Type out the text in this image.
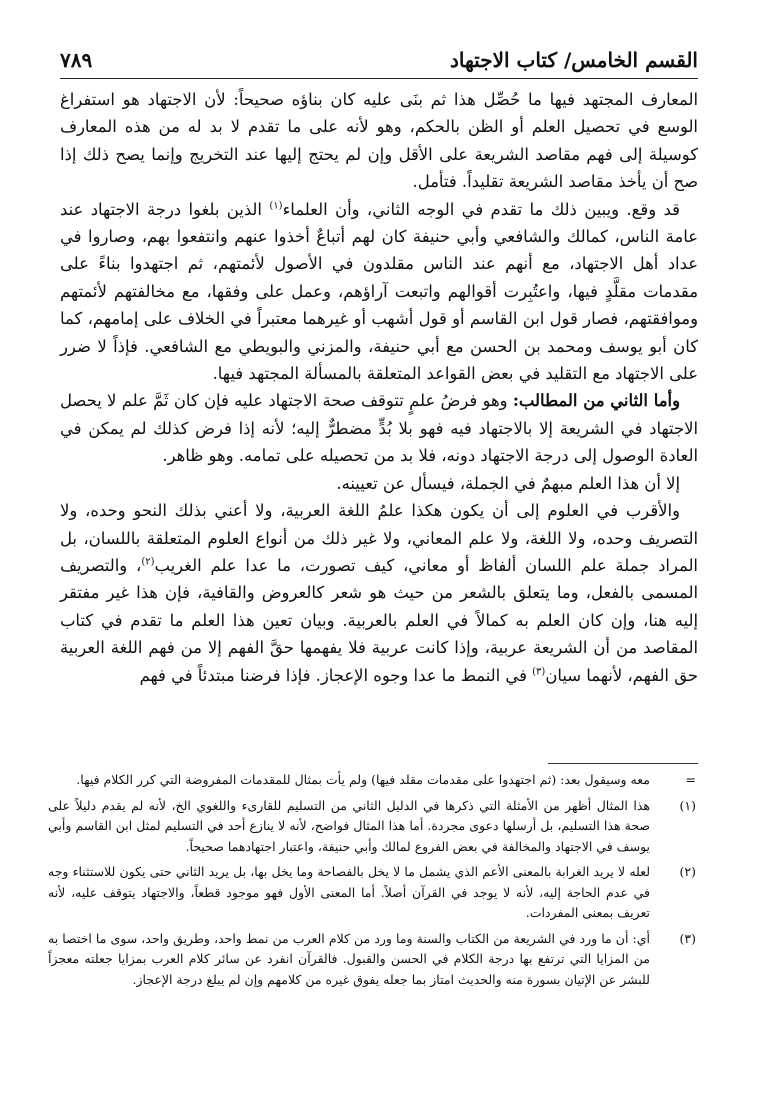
القسم الخامس/ كتاب الاجتهاد
٧٨٩

المعارف المجتهد فيها ما حُصِّل هذا ثم بنَى عليه كان بناؤه صحيحاً: لأن الاجتهاد هو استفراغ الوسع في تحصيل العلم أو الظن بالحكم، وهو لأنه على ما تقدم لا بد له من هذه المعارف كوسيلة إلى فهم مقاصد الشريعة على الأقل وإن لم يحتج إليها عند التخريج وإنما يصح ذلك إذا صح أن يأخذ مقاصد الشريعة تقليداً. فتأمل.

قد وقع. ويبين ذلك ما تقدم في الوجه الثاني، وأن العلماء$^{(١)}$ الذين بلغوا درجة الاجتهاد عند عامة الناس، كمالك والشافعي وأبي حنيفة كان لهم أتباعٌ أخذوا عنهم وانتفعوا بهم، وصاروا في عداد أهل الاجتهاد، مع أنهم عند الناس مقلدون في الأصول لأئمتهم، ثم اجتهدوا بناءً على مقدمات مقلَّدٍ فيها، واعتُبِرت أقوالهم واتبعت آراؤهم، وعمل على وفقها، مع مخالفتهم لأئمتهم وموافقتهم، فصار قول ابن القاسم أو قول أشهب أو غيرهما معتبراً في الخلاف على إمامهم، كما كان أبو يوسف ومحمد بن الحسن مع أبي حنيفة، والمزني والبويطي مع الشافعي. فإذاً لا ضرر على الاجتهاد مع التقليد في بعض القواعد المتعلقة بالمسألة المجتهد فيها.

وأما الثاني من المطالب: وهو فرضُ علمٍ تتوقف صحة الاجتهاد عليه فإن كان ثَمَّ علم لا يحصل الاجتهاد في الشريعة إلا بالاجتهاد فيه فهو بلا بُدٍّ مضطرٌّ إليه؛ لأنه إذا فرض كذلك لم يمكن في العادة الوصول إلى درجة الاجتهاد دونه، فلا بد من تحصيله على تمامه. وهو ظاهر.

إلا أن هذا العلم مبهمٌ في الجملة، فيسأل عن تعيينه.

والأقرب في العلوم إلى أن يكون هكذا علمُ اللغة العربية، ولا أعني بذلك النحو وحده، ولا التصريف وحده، ولا اللغة، ولا علم المعاني، ولا غير ذلك من أنواع العلوم المتعلقة باللسان، بل المراد جملة علم اللسان ألفاظ أو معاني، كيف تصورت، ما عدا علم الغريب$^{(٢)}$، والتصريف المسمى بالفعل، وما يتعلق بالشعر من حيث هو شعر كالعروض والقافية، فإن هذا غير مفتقر إليه هنا، وإن كان العلم به كمالاً في العلم بالعربية. وبيان تعين هذا العلم ما تقدم في كتاب المقاصد من أن الشريعة عربية، وإذا كانت عربية فلا يفهمها حقَّ الفهم إلا من فهم اللغة العربية حق الفهم، لأنهما سيان$^{(٣)}$ في النمط ما عدا وجوه الإعجاز. فإذا فرضنا مبتدئاً في فهم

=
معه وسيقول بعد: (ثم اجتهدوا على مقدمات مقلد فيها) ولم يأت بمثال للمقدمات المفروضة التي كرر الكلام فيها.
(١)
هذا المثال أظهر من الأمثلة التي ذكرها في الدليل الثاني من التسليم للقارىء واللغوي الخ، لأنه لم يقدم دليلاً على صحة هذا التسليم، بل أرسلها دعوى مجردة. أما هذا المثال فواضح، لأنه لا ينازع أحد في التسليم لمثل ابن القاسم وأبي يوسف في الاجتهاد والمخالفة في بعض الفروع لمالك وأبي حنيفة، واعتبار اجتهادهما صحيحاً.
(٢)
لعله لا يريد الغرابة بالمعنى الأعم الذي يشمل ما لا يخل بالفصاحة وما يخل بها، بل يريد الثاني حتى يكون للاستثناء وجه في عدم الحاجة إليه، لأنه لا يوجد في القرآن أصلاً. أما المعنى الأول فهو موجود قطعاً، والاجتهاد يتوقف عليه، لأنه تعريف بمعنى المفردات.
(٣)
أي: أن ما ورد في الشريعة من الكتاب والسنة وما ورد من كلام العرب من نمط واحد، وطريق واحد، سوى ما اختصا به من المزايا التي ترتفع بها درجة الكلام في الحسن والقبول. فالقرآن انفرد عن سائر كلام العرب بمزايا جعلته معجزاً للبشر عن الإتيان بسورة منه والحديث امتاز بما جعله يفوق غيره من كلامهم وإن لم يبلغ درجة الإعجاز.
